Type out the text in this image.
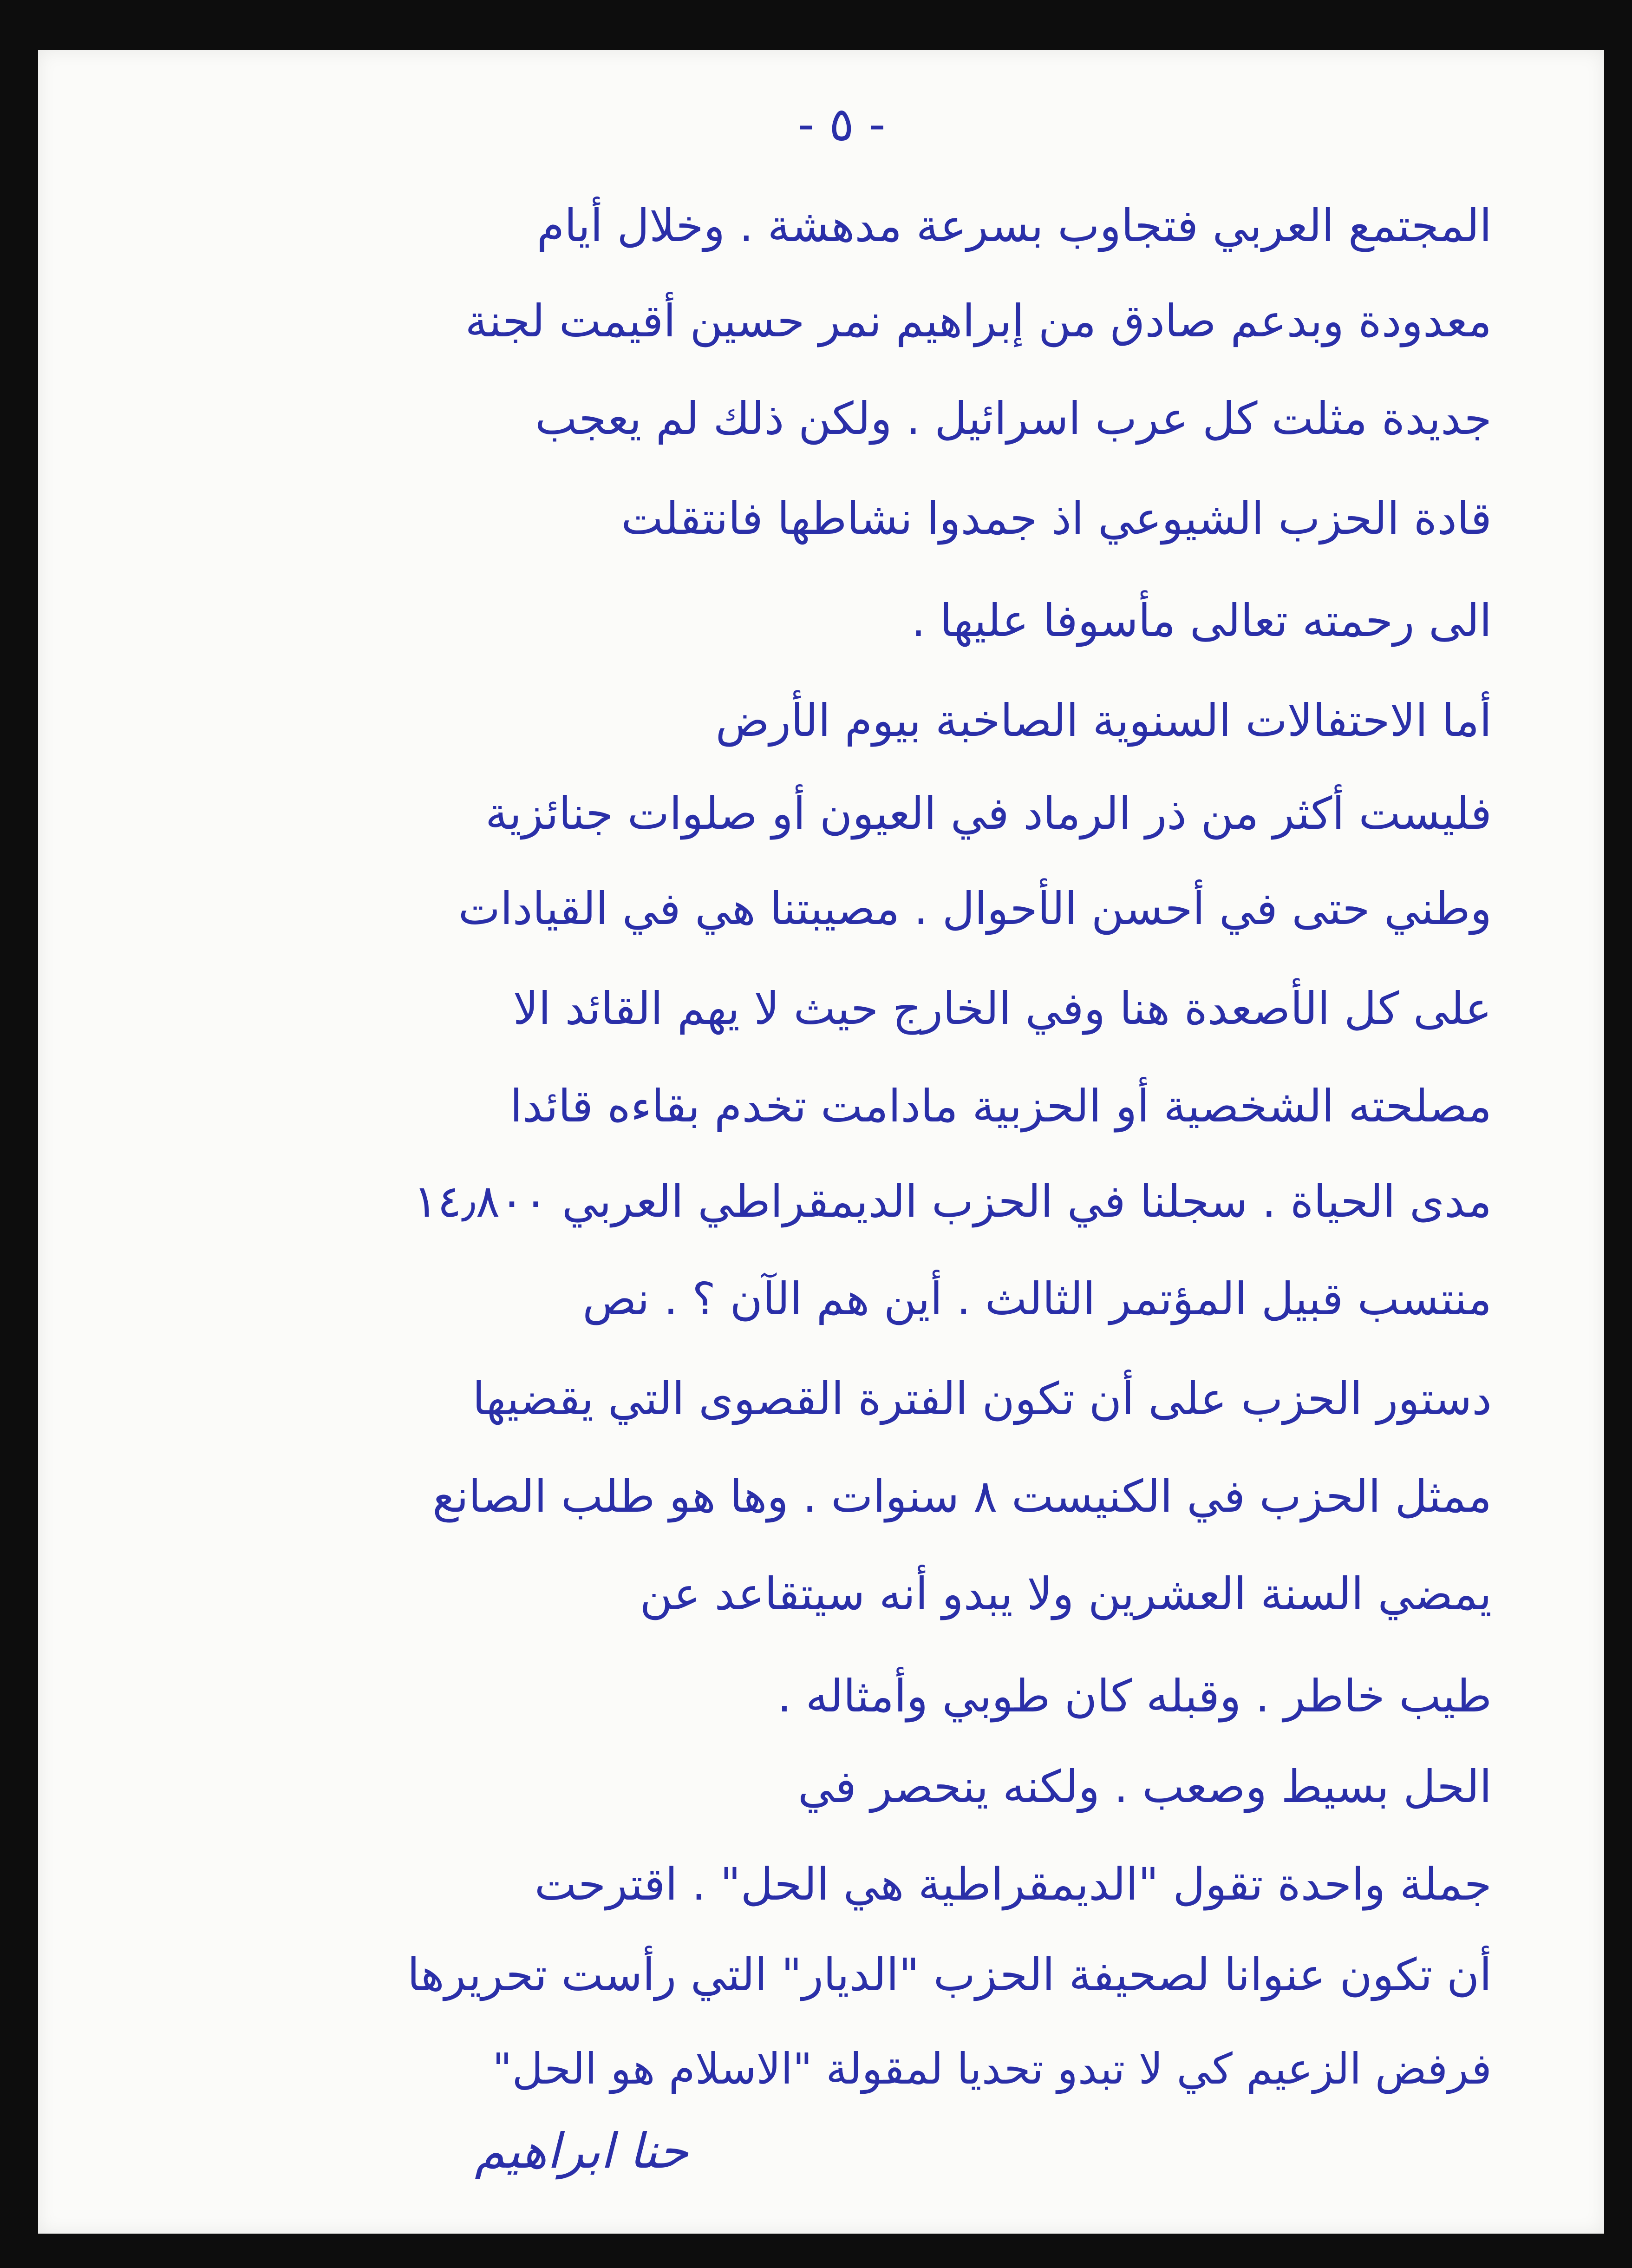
- ٥ -
المجتمع العربي فتجاوب بسرعة مدهشة . وخلال أيام
معدودة وبدعم صادق من إبراهيم نمر حسين أقيمت لجنة
جديدة مثلت كل عرب اسرائيل . ولكن ذلك لم يعجب
قادة الحزب الشيوعي اذ جمدوا نشاطها فانتقلت
الى رحمته تعالى مأسوفا عليها .
أما الاحتفالات السنوية الصاخبة بيوم الأرض
فليست أكثر من ذر الرماد في العيون أو صلوات جنائزية
وطني حتى في أحسن الأحوال . مصيبتنا هي في القيادات
على كل الأصعدة هنا وفي الخارج حيث لا يهم القائد الا
مصلحته الشخصية أو الحزبية مادامت تخدم بقاءه قائدا
مدى الحياة . سجلنا في الحزب الديمقراطي العربي ١٤٫٨٠٠
منتسب قبيل المؤتمر الثالث . أين هم الآن ؟ . نص
دستور الحزب على أن تكون الفترة القصوى التي يقضيها
ممثل الحزب في الكنيست ٨ سنوات . وها هو طلب الصانع
يمضي السنة العشرين ولا يبدو أنه سيتقاعد عن
طيب خاطر . وقبله كان طوبي وأمثاله .
الحل بسيط وصعب . ولكنه ينحصر في
جملة واحدة تقول "الديمقراطية هي الحل" . اقترحت
أن تكون عنوانا لصحيفة الحزب "الديار" التي رأست تحريرها
فرفض الزعيم كي لا تبدو تحديا لمقولة "الاسلام هو الحل"
حنا ابراهيم
